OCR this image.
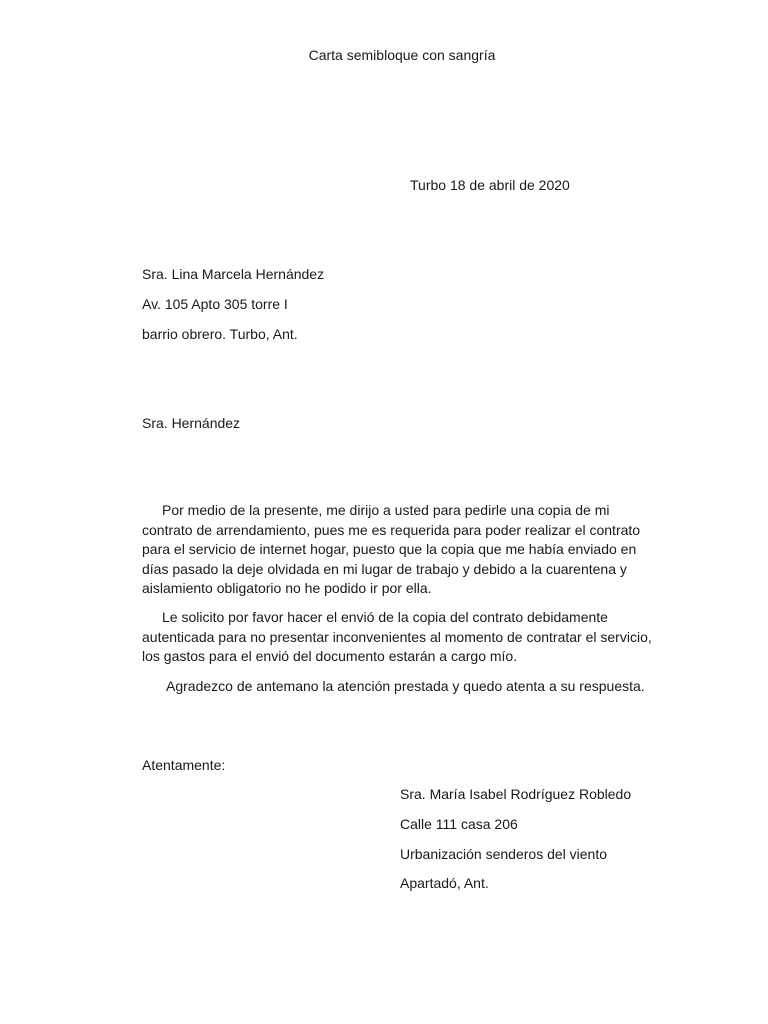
Carta semibloque con sangría
Turbo 18 de abril de 2020
Sra. Lina Marcela Hernández
Av. 105 Apto 305 torre I
barrio obrero. Turbo, Ant.
Sra. Hernández

Por medio de la presente, me dirijo a usted para pedirle una copia de mi contrato de arrendamiento, pues me es requerida para poder realizar el contrato para el servicio de internet hogar, puesto que la copia que me había enviado en días pasado la deje olvidada en mi lugar de trabajo y debido a la cuarentena y aislamiento obligatorio no he podido ir por ella.

Le solicito por favor hacer el envió de la copia del contrato debidamente autenticada para no presentar inconvenientes al momento de contratar el servicio, los gastos para el envió del documento estarán a cargo mío.

Agradezco de antemano la atención prestada y quedo atenta a su respuesta.

Atentamente:
Sra. María Isabel Rodríguez Robledo
Calle 111 casa 206
Urbanización senderos del viento
Apartadó, Ant.
